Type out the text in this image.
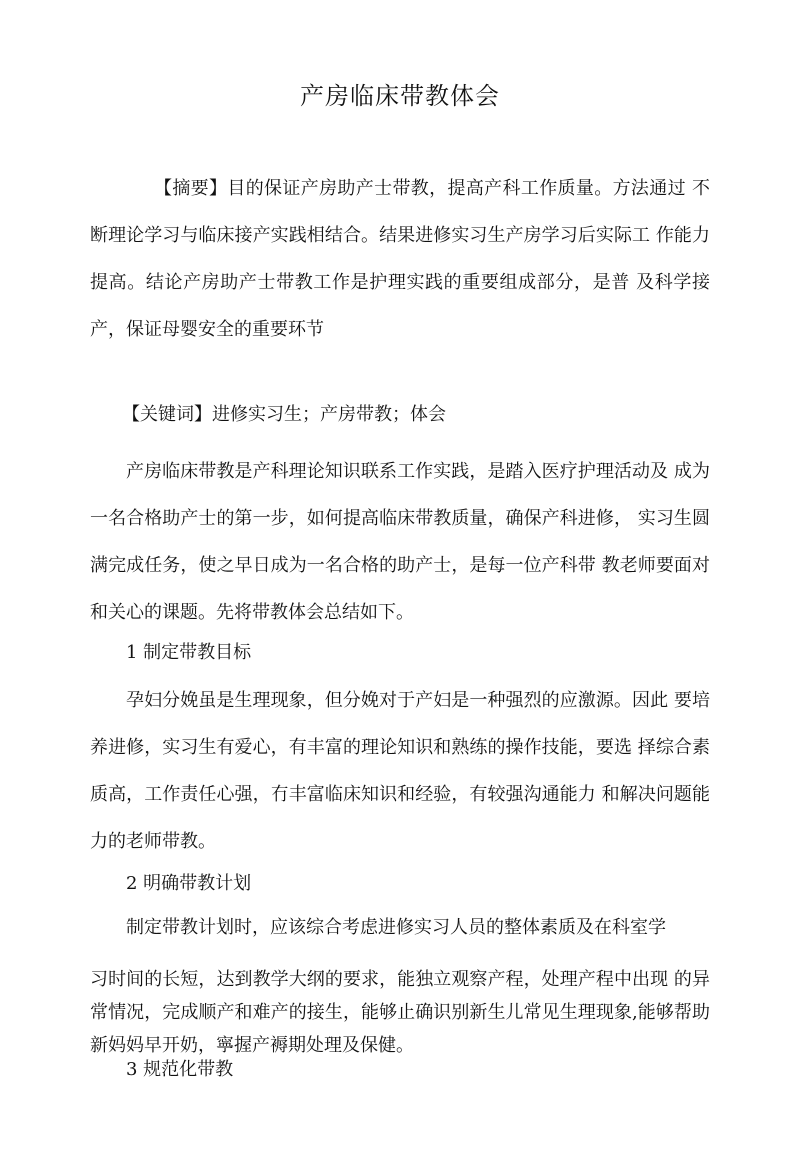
产房临床带教体会
【摘要】目的保证产房助产士带教，提高产科工作质量。方法通过 不断理论学习与临床接产实践相结合。结果进修实习生产房学习后实际工 作能力提高。结论产房助产士带教工作是护理实践的重要组成部分，是普 及科学接产，保证母婴安全的重要环节
【关键词】进修实习生；产房带教；体会
产房临床带教是产科理论知识联系工作实践，是踏入医疗护理活动及 成为一名合格助产士的第一步，如何提高临床带教质量，确保产科进修， 实习生圆满完成任务，使之早日成为一名合格的助产士，是每一位产科带 教老师要面对和关心的课题。先将带教体会总结如下。
1 制定带教目标
孕妇分娩虽是生理现象，但分娩对于产妇是一种强烈的应激源。因此 要培养进修，实习生有爱心，有丰富的理论知识和熟练的操作技能，要选 择综合素质高，工作责任心强，冇丰富临床知识和经验，有较强沟通能力 和解决问题能力的老师带教。
2 明确带教计划
制定带教计划时，应该综合考虑进修实习人员的整体素质及在科室学
习时间的长短，达到教学大纲的要求，能独立观察产程，处理产程中出现 的异常情况，完成顺产和难产的接生，能够止确识别新生儿常见生理现象,能够帮助新妈妈早开奶，寧握产褥期处理及保健。
3 规范化带教
